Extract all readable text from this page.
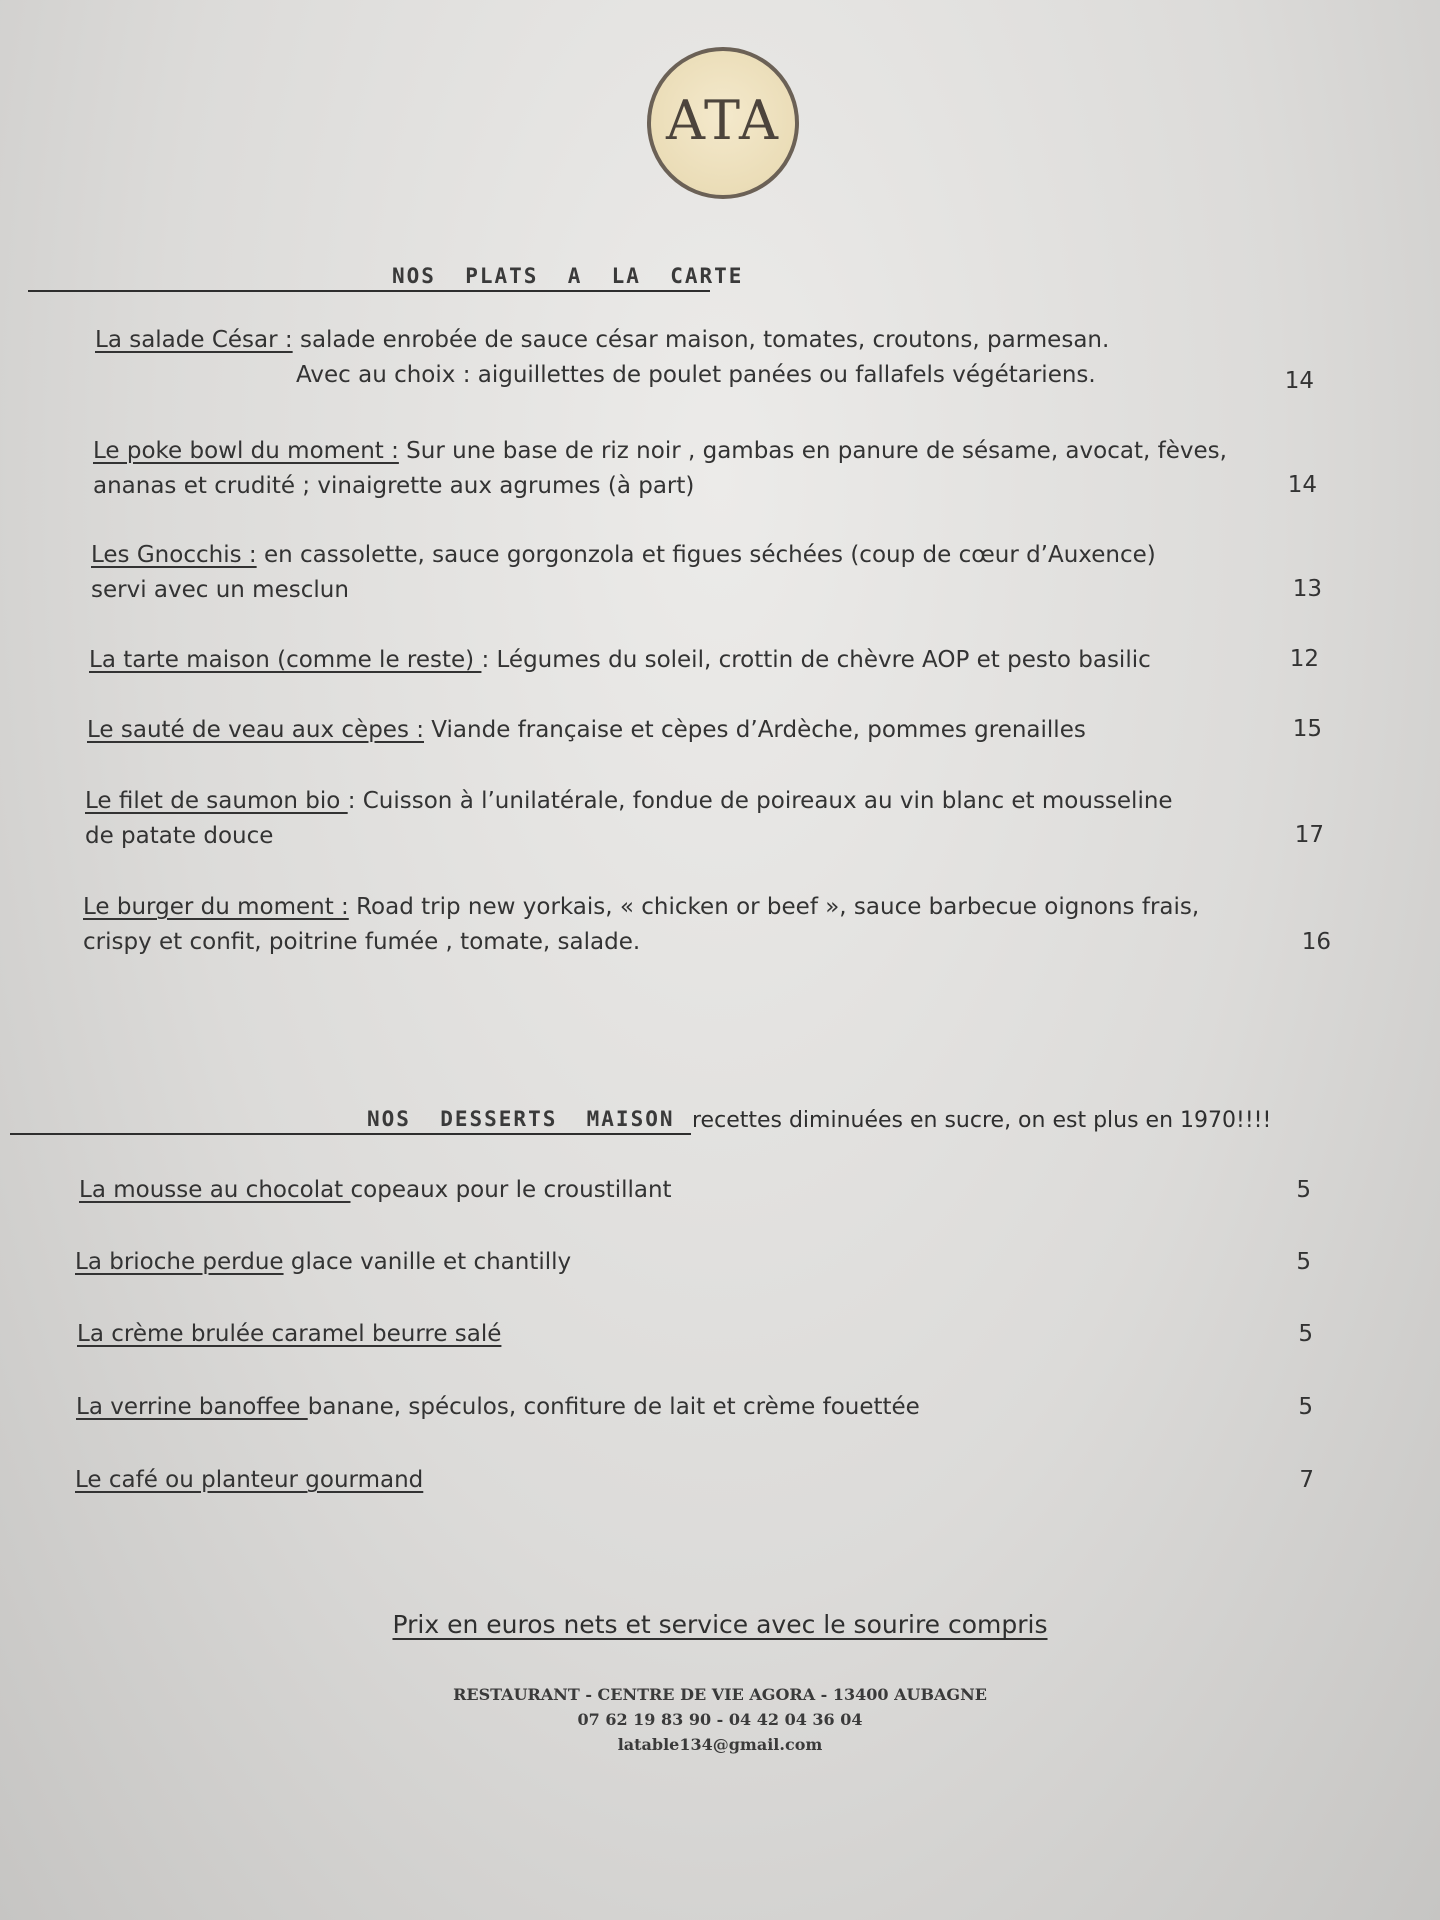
ATA
NOS  PLATS  A  LA  CARTE
La salade César : salade enrobée de sauce césar maison, tomates, croutons, parmesan.
Avec au choix : aiguillettes de poulet panées ou fallafels végétariens.	14
Le poke bowl du moment : Sur une base de riz noir , gambas en panure de sésame, avocat, fèves,
ananas et crudité ; vinaigrette aux agrumes (à part)	14
Les Gnocchis : en cassolette, sauce gorgonzola et figues séchées (coup de cœur d’Auxence)
servi avec un mesclun	13
La tarte maison (comme le reste) : Légumes du soleil, crottin de chèvre AOP et pesto basilic	12
Le sauté de veau aux cèpes : Viande française et cèpes d’Ardèche, pommes grenailles	15
Le filet de saumon bio : Cuisson à l’unilatérale, fondue de poireaux au vin blanc et mousseline
de patate douce	17
Le burger du moment : Road trip new yorkais, « chicken or beef », sauce barbecue oignons frais,
crispy et confit, poitrine fumée , tomate, salade.	16
NOS  DESSERTS  MAISON recettes diminuées en sucre, on est plus en 1970!!!!
La mousse au chocolat copeaux pour le croustillant	5
La brioche perdue glace vanille et chantilly	5
La crème brulée caramel beurre salé	5
La verrine banoffee banane, spéculos, confiture de lait et crème fouettée	5
Le café ou planteur gourmand	7
Prix en euros nets et service avec le sourire compris
RESTAURANT - CENTRE DE VIE AGORA - 13400 AUBAGNE
07 62 19 83 90 - 04 42 04 36 04
latable134@gmail.com
